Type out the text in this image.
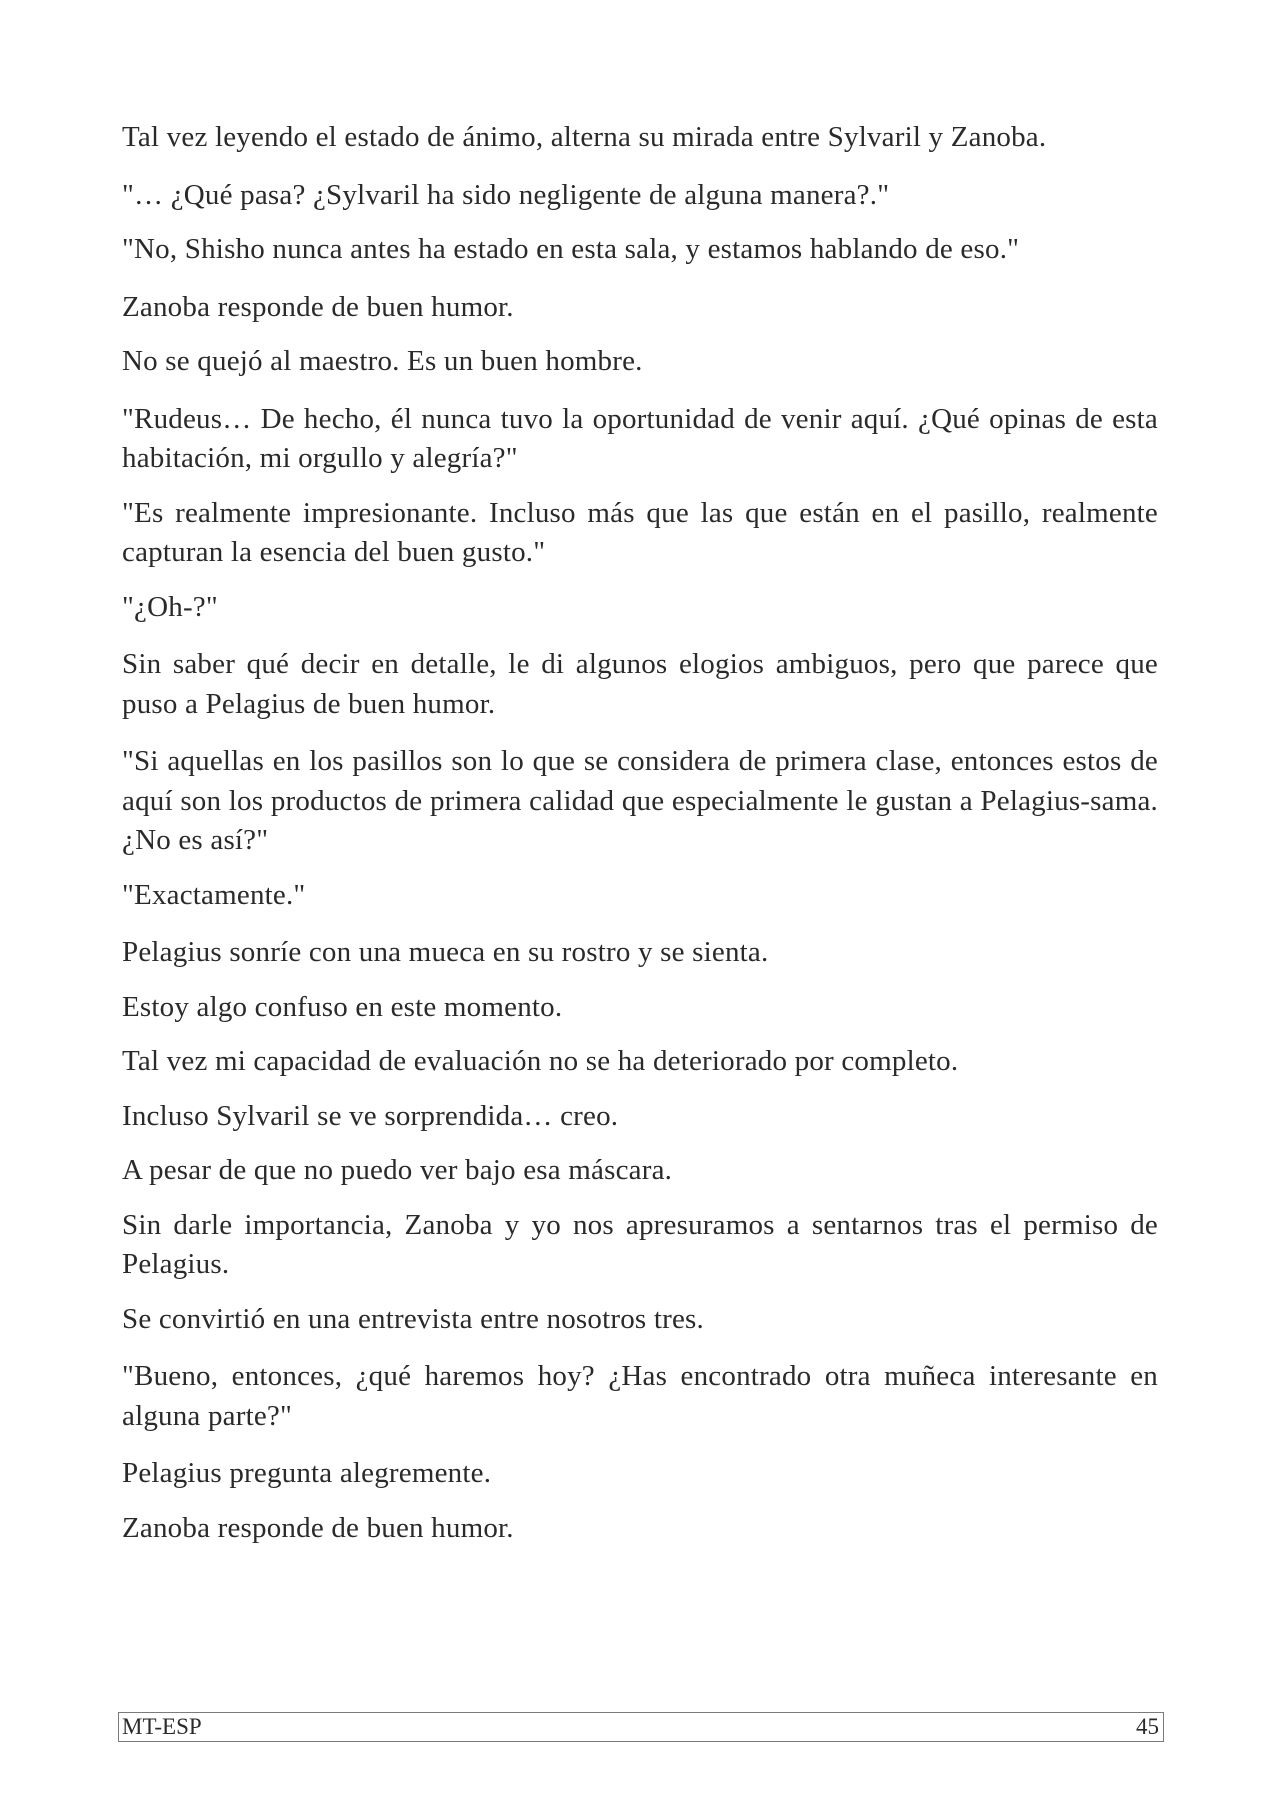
Tal vez leyendo el estado de ánimo, alterna su mirada entre Sylvaril y Zanoba.

"… ¿Qué pasa? ¿Sylvaril ha sido negligente de alguna manera?."

"No, Shisho nunca antes ha estado en esta sala, y estamos hablando de eso."

Zanoba responde de buen humor.

No se quejó al maestro. Es un buen hombre.

"Rudeus… De hecho, él nunca tuvo la oportunidad de venir aquí. ¿Qué opinas de esta habitación, mi orgullo y alegría?"

"Es realmente impresionante. Incluso más que las que están en el pasillo, realmente capturan la esencia del buen gusto."

"¿Oh-?"

Sin saber qué decir en detalle, le di algunos elogios ambiguos, pero que parece que puso a Pelagius de buen humor.

"Si aquellas en los pasillos son lo que se considera de primera clase, entonces estos de aquí son los productos de primera calidad que especialmente le gustan a Pelagius-sama. ¿No es así?"

"Exactamente."

Pelagius sonríe con una mueca en su rostro y se sienta.

Estoy algo confuso en este momento.

Tal vez mi capacidad de evaluación no se ha deteriorado por completo.

Incluso Sylvaril se ve sorprendida… creo.

A pesar de que no puedo ver bajo esa máscara.

Sin darle importancia, Zanoba y yo nos apresuramos a sentarnos tras el permiso de Pelagius.

Se convirtió en una entrevista entre nosotros tres.

"Bueno, entonces, ¿qué haremos hoy? ¿Has encontrado otra muñeca interesante en alguna parte?"

Pelagius pregunta alegremente.

Zanoba responde de buen humor.

MT-ESP	45
